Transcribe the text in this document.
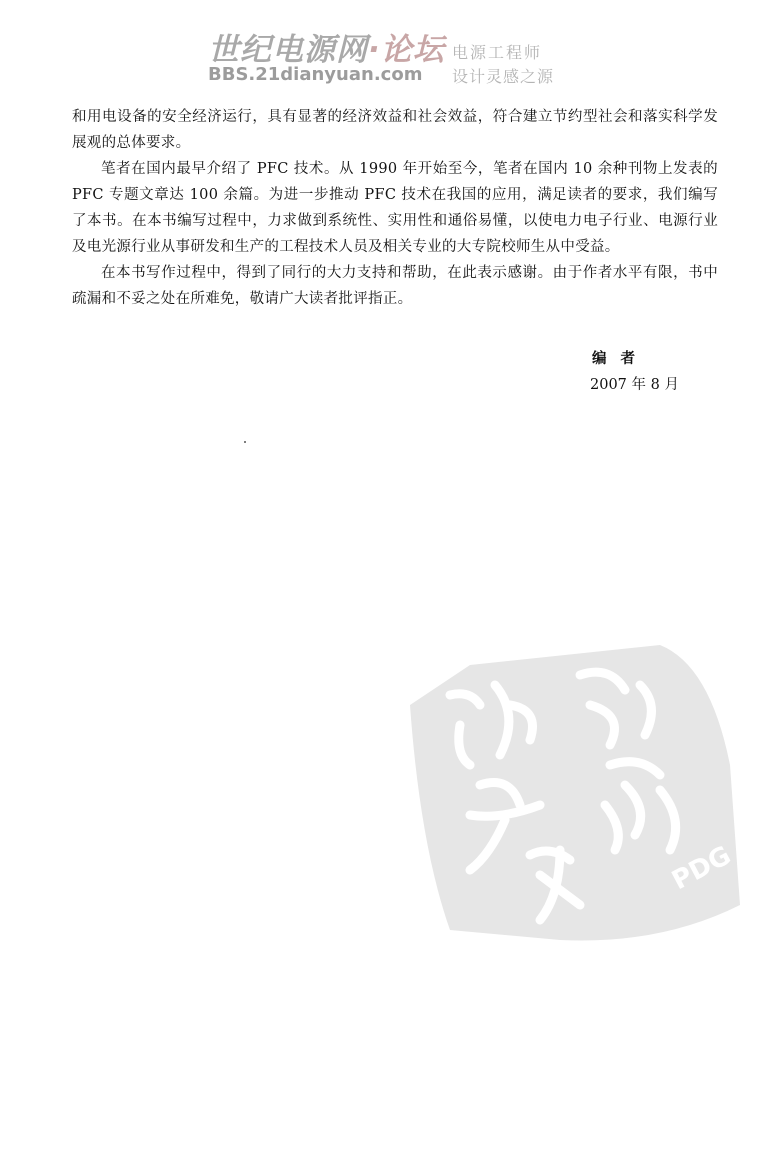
世纪电源网·论坛
BBS.21dianyuan.com
电源工程师
设计灵感之源

和用电设备的安全经济运行，具有显著的经济效益和社会效益，符合建立节约型社会和落实科学发展观的总体要求。

笔者在国内最早介绍了 PFC 技术。从 1990 年开始至今，笔者在国内 10 余种刊物上发表的 PFC 专题文章达 100 余篇。为进一步推动 PFC 技术在我国的应用，满足读者的要求，我们编写了本书。在本书编写过程中，力求做到系统性、实用性和通俗易懂，以使电力电子行业、电源行业及电光源行业从事研发和生产的工程技术人员及相关专业的大专院校师生从中受益。

在本书写作过程中，得到了同行的大力支持和帮助，在此表示感谢。由于作者水平有限，书中疏漏和不妥之处在所难免，敬请广大读者批评指正。

编者
2007 年 8 月
PDG
